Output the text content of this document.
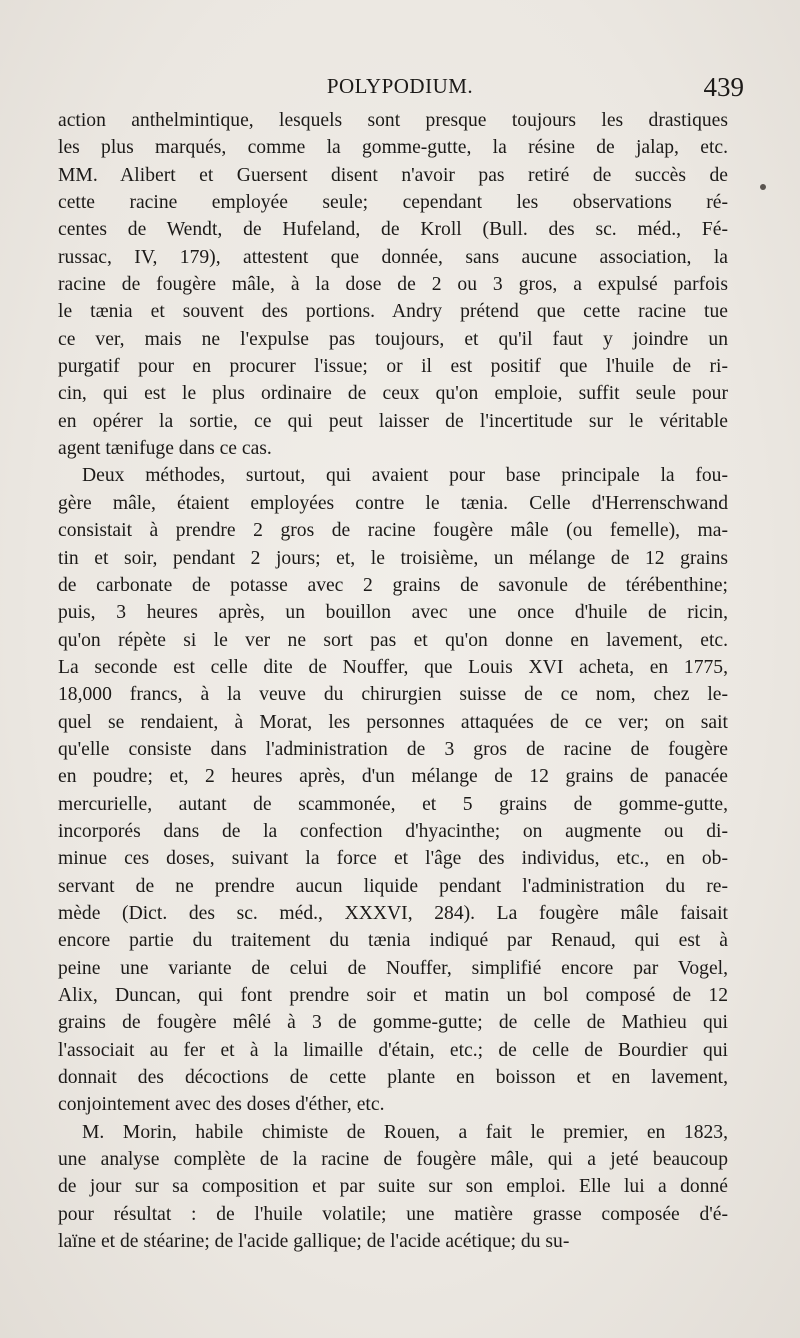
POLYPODIUM.	439
action anthelmintique, lesquels sont presque toujours les drastiques
les plus marqués, comme la gomme-gutte, la résine de jalap, etc.
MM. Alibert et Guersent disent n'avoir pas retiré de succès de
cette racine employée seule; cependant les observations ré-
centes de Wendt, de Hufeland, de Kroll (Bull. des sc. méd., Fé-
russac, IV, 179), attestent que donnée, sans aucune association, la
racine de fougère mâle, à la dose de 2 ou 3 gros, a expulsé parfois
le tænia et souvent des portions. Andry prétend que cette racine tue
ce ver, mais ne l'expulse pas toujours, et qu'il faut y joindre un
purgatif pour en procurer l'issue; or il est positif que l'huile de ri-
cin, qui est le plus ordinaire de ceux qu'on emploie, suffit seule pour
en opérer la sortie, ce qui peut laisser de l'incertitude sur le véritable
agent tænifuge dans ce cas.
Deux méthodes, surtout, qui avaient pour base principale la fou-
gère mâle, étaient employées contre le tænia. Celle d'Herrenschwand
consistait à prendre 2 gros de racine fougère mâle (ou femelle), ma-
tin et soir, pendant 2 jours; et, le troisième, un mélange de 12 grains
de carbonate de potasse avec 2 grains de savonule de térébenthine;
puis, 3 heures après, un bouillon avec une once d'huile de ricin,
qu'on répète si le ver ne sort pas et qu'on donne en lavement, etc.
La seconde est celle dite de Nouffer, que Louis XVI acheta, en 1775,
18,000 francs, à la veuve du chirurgien suisse de ce nom, chez le-
quel se rendaient, à Morat, les personnes attaquées de ce ver; on sait
qu'elle consiste dans l'administration de 3 gros de racine de fougère
en poudre; et, 2 heures après, d'un mélange de 12 grains de panacée
mercurielle, autant de scammonée, et 5 grains de gomme-gutte,
incorporés dans de la confection d'hyacinthe; on augmente ou di-
minue ces doses, suivant la force et l'âge des individus, etc., en ob-
servant de ne prendre aucun liquide pendant l'administration du re-
mède (Dict. des sc. méd., XXXVI, 284). La fougère mâle faisait
encore partie du traitement du tænia indiqué par Renaud, qui est à
peine une variante de celui de Nouffer, simplifié encore par Vogel,
Alix, Duncan, qui font prendre soir et matin un bol composé de 12
grains de fougère mêlé à 3 de gomme-gutte; de celle de Mathieu qui
l'associait au fer et à la limaille d'étain, etc.; de celle de Bourdier qui
donnait des décoctions de cette plante en boisson et en lavement,
conjointement avec des doses d'éther, etc.
M. Morin, habile chimiste de Rouen, a fait le premier, en 1823,
une analyse complète de la racine de fougère mâle, qui a jeté beaucoup
de jour sur sa composition et par suite sur son emploi. Elle lui a donné
pour résultat : de l'huile volatile; une matière grasse composée d'é-
laïne et de stéarine; de l'acide gallique; de l'acide acétique; du su-
